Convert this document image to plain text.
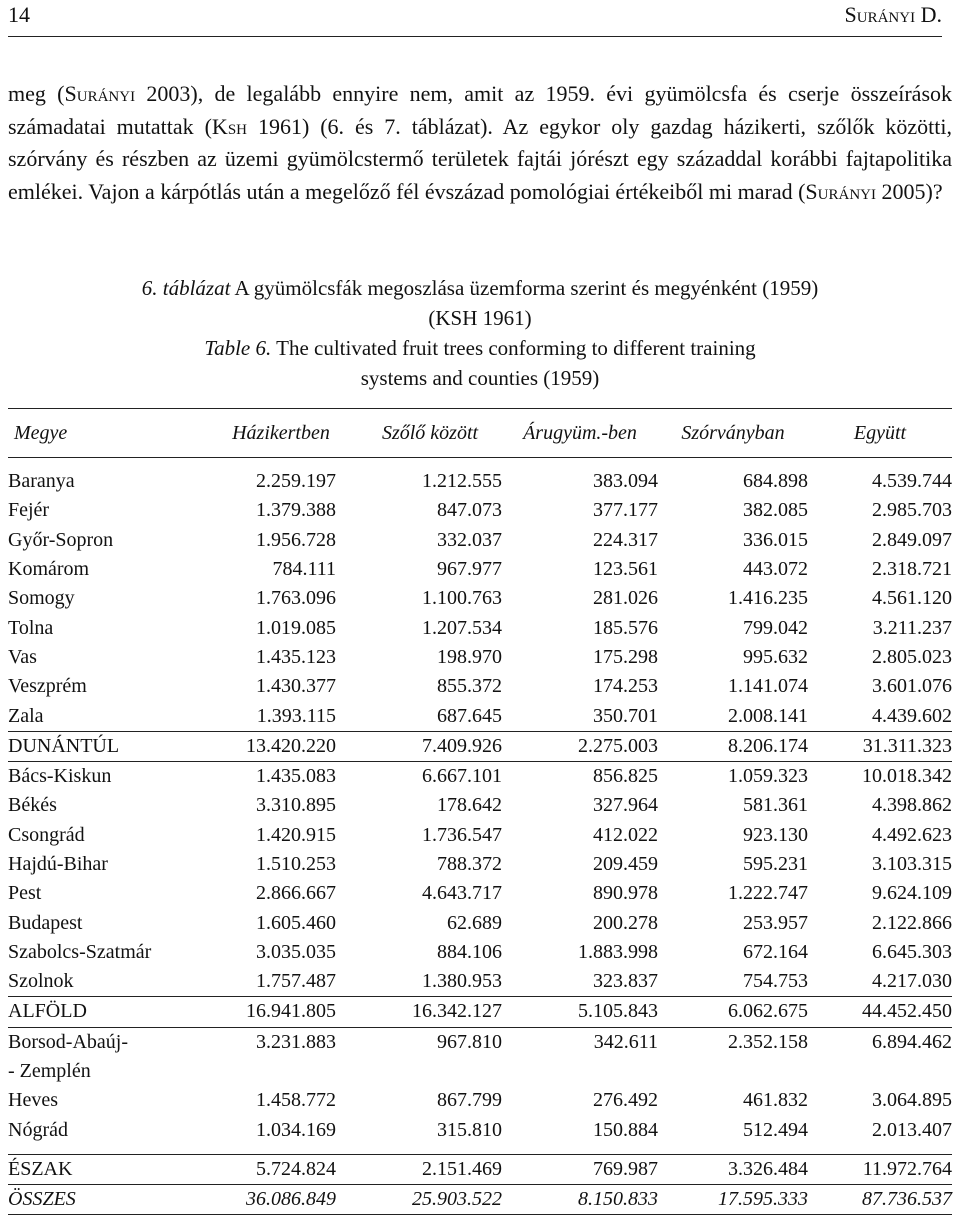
14	Surányi D.

meg (Surányi 2003), de legalább ennyire nem, amit az 1959. évi gyümölcsfa és cserje összeírások számadatai mutattak (Ksh 1961) (6. és 7. táblázat). Az egykor oly gazdag házikerti, szőlők közötti, szórvány és részben az üzemi gyümölcstermő területek fajtái jórészt egy századdal korábbi fajtapolitika emlékei. Vajon a kárpótlás után a megelőző fél évszázad pomológiai értékeiből mi marad (Surányi 2005)?

6. táblázat A gyümölcsfák megoszlása üzemforma szerint és megyénként (1959)

(KSH 1961)

Table 6. The cultivated fruit trees conforming to different training

systems and counties (1959)

Megye	Házikertben	Szőlő között	Árugyüm.-ben	Szórványban	Együtt

Baranya	2.259.197	1.212.555	383.094	684.898	4.539.744
Fejér	1.379.388	847.073	377.177	382.085	2.985.703
Győr-Sopron	1.956.728	332.037	224.317	336.015	2.849.097
Komárom	784.111	967.977	123.561	443.072	2.318.721
Somogy	1.763.096	1.100.763	281.026	1.416.235	4.561.120
Tolna	1.019.085	1.207.534	185.576	799.042	3.211.237
Vas	1.435.123	198.970	175.298	995.632	2.805.023
Veszprém	1.430.377	855.372	174.253	1.141.074	3.601.076
Zala	1.393.115	687.645	350.701	2.008.141	4.439.602
DUNÁNTÚL	13.420.220	7.409.926	2.275.003	8.206.174	31.311.323
Bács-Kiskun	1.435.083	6.667.101	856.825	1.059.323	10.018.342
Békés	3.310.895	178.642	327.964	581.361	4.398.862
Csongrád	1.420.915	1.736.547	412.022	923.130	4.492.623
Hajdú-Bihar	1.510.253	788.372	209.459	595.231	3.103.315
Pest	2.866.667	4.643.717	890.978	1.222.747	9.624.109
Budapest	1.605.460	62.689	200.278	253.957	2.122.866
Szabolcs-Szatmár	3.035.035	884.106	1.883.998	672.164	6.645.303
Szolnok	1.757.487	1.380.953	323.837	754.753	4.217.030
ALFÖLD	16.941.805	16.342.127	5.105.843	6.062.675	44.452.450
Borsod-Abaúj-	3.231.883	967.810	342.611	2.352.158	6.894.462
- Zemplén					
Heves	1.458.772	867.799	276.492	461.832	3.064.895
Nógrád	1.034.169	315.810	150.884	512.494	2.013.407

ÉSZAK	5.724.824	2.151.469	769.987	3.326.484	11.972.764
ÖSSZES	36.086.849	25.903.522	8.150.833	17.595.333	87.736.537
